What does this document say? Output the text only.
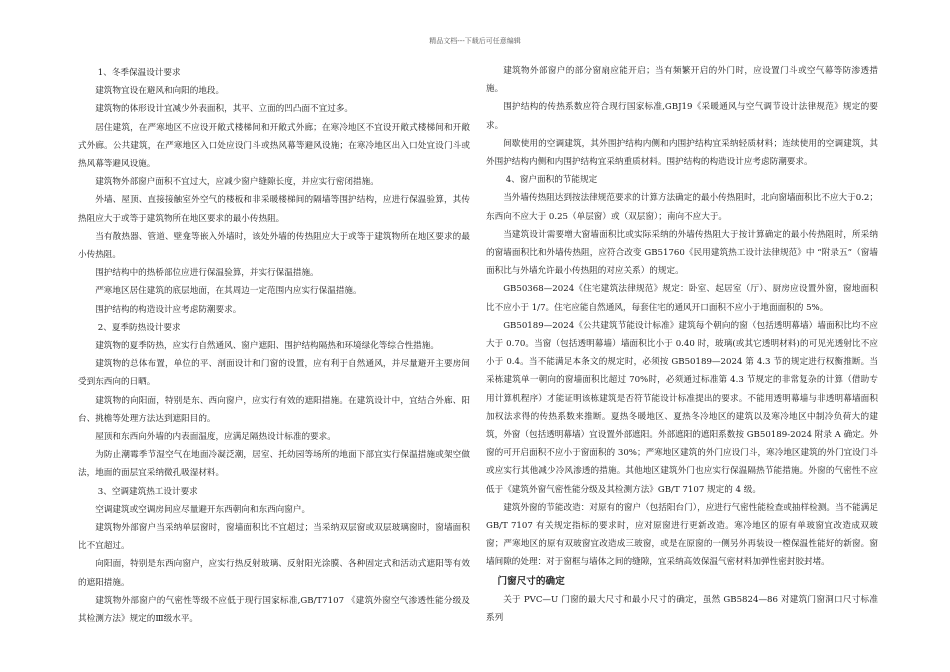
精品文档---下载后可任意编辑

1、冬季保温设计要求

建筑物宜设在避风和向阳的地段。

建筑物的体形设计宜减少外表面积，其平、立面的凹凸面不宜过多。

居住建筑，在严寒地区不应设开敞式楼梯间和开敞式外廊；在寒冷地区不宜设开敞式楼梯间和开敞式外廊。公共建筑，在严寒地区入口处应设门斗或热风幕等避风设施；在寒冷地区出入口处宜设门斗或热风幕等避风设施。

建筑物外部窗户面积不宜过大，应减少窗户缝隙长度，并应实行密闭措施。

外墙、屋顶、直接接触室外空气的楼板和非采暖楼梯间的隔墙等围护结构，应进行保温验算，其传热阻应大于或等于建筑物所在地区要求的最小传热阻。

当有散热器、管道、壁龛等嵌入外墙时，该处外墙的传热阻应大于或等于建筑物所在地区要求的最小传热阻。

围护结构中的热桥部位应进行保温验算，并实行保温措施。

严寒地区居住建筑的底层地面，在其周边一定范围内应实行保温措施。

围护结构的构造设计应考虑防潮要求。

2、夏季防热设计要求

建筑物的夏季防热，应实行自然通风、窗户遮阳、围护结构隔热和环境绿化等综合性措施。

建筑物的总体布置，单位的平、剖面设计和门窗的设置，应有利于自然通风，并尽量避开主要房间受到东西向的日晒。

建筑物的向阳面，特别是东、西向窗户，应实行有效的遮阳措施。在建筑设计中，宜结合外廊、阳台、挑檐等处理方法达到遮阳目的。

屋顶和东西向外墙的内表面温度，应满足隔热设计标准的要求。

为防止潮霉季节湿空气在地面冷凝泛潮，居室、托幼园等场所的地面下部宜实行保温措施或架空做法，地面的面层宜采纳微孔吸湿材料。

3、空调建筑热工设计要求

空调建筑或空调房间应尽量避开东西朝向和东西向窗户。

建筑物外部窗户当采纳单层窗时，窗墙面积比不宜超过；当采纳双层窗或双层玻璃窗时，窗墙面积比不宜超过。

向阳面，特别是东西向窗户，应实行热反射玻璃、反射阳光涂膜、各种固定式和活动式遮阳等有效的遮阳措施。

建筑物外部窗户的气密性等级不应低于现行国家标准,GB/T7107 《建筑外窗空气渗透性能分级及其检测方法》规定的Ⅲ级水平。

建筑物外部窗户的部分窗扇应能开启；当有频繁开启的外门时，应设置门斗或空气幕等防渗透措施。

围护结构的传热系数应符合现行国家标准,GBJ19《采暖通风与空气调节设计法律规范》规定的要求。

间歇使用的空调建筑，其外围护结构内侧和内围护结构宜采纳轻质材料；连续使用的空调建筑，其外围护结构内侧和内围护结构宜采纳重质材料。围护结构的构造设计应考虑防潮要求。

4、窗户面积的节能规定

当外墙传热阻达到按法律规范要求的计算方法确定的最小传热阻时，北向窗墙面积比不应大于0.2；东西向不应大于 0.25（单层窗）或（双层窗）；南向不应大于。

当建筑设计需要增大窗墙面积比或实际采纳的外墙传热阻大于按计算确定的最小传热阻时，所采纳的窗墙面积比和外墙传热阻，应符合改变 GB51760《民用建筑热工设计法律规范》中 “附录五”（窗墙面积比与外墙允许最小传热阻的对应关系）的规定。

GB50368—2024《住宅建筑法律规范》规定：卧室、起居室（厅）、厨房应设置外窗，窗地面积比不应小于 1/7。住宅应能自然通风，每套住宅的通风开口面积不应小于地面面积的 5%。

GB50189—2024《公共建筑节能设计标准》建筑每个朝向的窗（包括透明幕墙）墙面积比均不应大于 0.70。当窗（包括透明幕墙）墙面积比小于 0.40 时，玻璃(或其它透明材料)的可见光透射比不应小于 0.4。当不能满足本条文的规定时，必须按 GB50189—2024 第 4.3 节的规定进行权衡推断。当采栋建筑单一朝向的窗墙面积比超过 70%时，必须通过标准第 4.3 节规定的非常复杂的计算（借助专用计算机程序）才能证明该栋建筑是否符节能设计标准提出的要求。不能用透明幕墙与非透明幕墙面积加权法求得的传热系数来推断。夏热冬暖地区、夏热冬冷地区的建筑以及寒冷地区中制冷负荷大的建筑，外窗（包括透明幕墙）宜设置外部遮阳。外部遮阳的遮阳系数按 GB50189-2024 附录 A 确定。外窗的可开启面积不应小于窗面积的 30%；严寒地区建筑的外门应设门斗，寒冷地区建筑的外门宜设门斗或应实行其他减少冷风渗透的措施。其他地区建筑外门也应实行保温隔热节能措施。外窗的气密性不应低于《建筑外窗气密性能分级及其检测方法》GB/T 7107 规定的 4 级。

建筑外窗的节能改造：对原有的窗户（包括阳台门），应进行气密性能检查或抽样检测。当不能满足 GB/T 7107 有关规定指标的要求时，应对原窗进行更新改造。寒冷地区的原有单玻窗宜改造成双玻窗；严寒地区的原有双玻窗宜改造成三玻窗，或是在原窗的一侧另外再装设一樘保温性能好的新窗。窗墙间隙的处理：对于窗框与墙体之间的缝隙，宜采纳高效保温气密材料加弹性密封胶封堵。

门窗尺寸的确定

关于 PVC—U 门窗的最大尺寸和最小尺寸的确定，虽然 GB5824—86 对建筑门窗洞口尺寸标准系列
